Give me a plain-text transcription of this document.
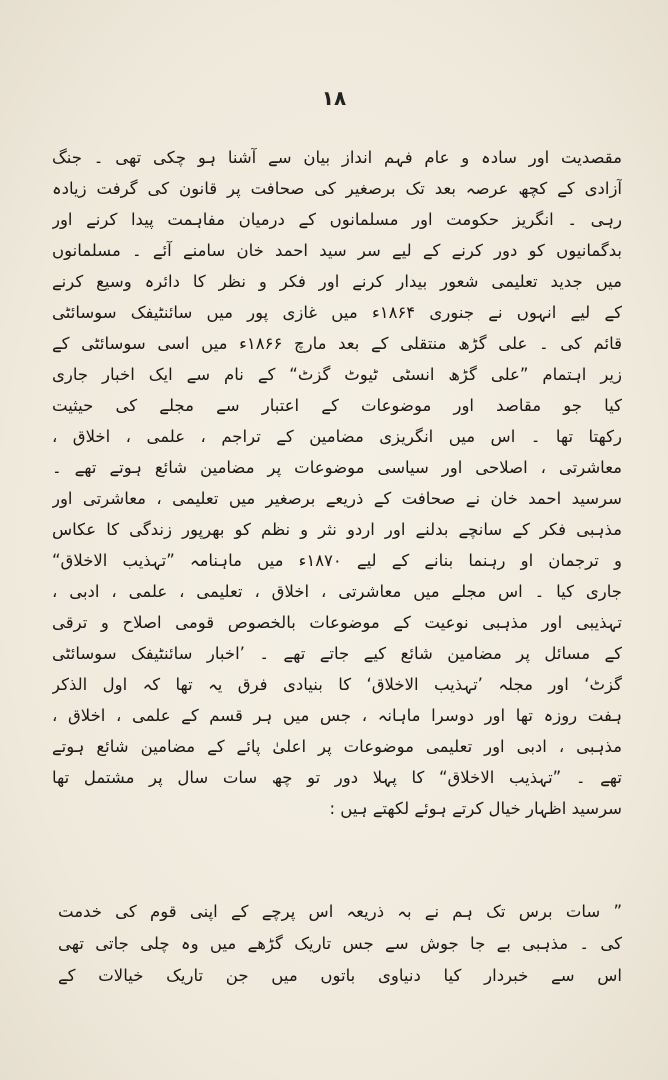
۱۸
مقصدیت اور سادہ و عام فہم انداز بیان سے آشنا ہو چکی تھی ۔ جنگ
آزادی کے کچھ عرصہ بعد تک برصغیر کی صحافت پر قانون کی گرفت زیادہ
رہی ۔ انگریز حکومت اور مسلمانوں کے درمیان مفاہمت پیدا کرنے اور
بدگمانیوں کو دور کرنے کے لیے سر سید احمد خان سامنے آئے ۔ مسلمانوں
میں جدید تعلیمی شعور بیدار کرنے اور فکر و نظر کا دائرہ وسیع کرنے
کے لیے انہوں نے جنوری ۱۸۶۴ء میں غازی پور میں سائنٹیفک سوسائٹی
قائم کی ۔ علی گڑھ منتقلی کے بعد مارچ ۱۸۶۶ء میں اسی سوسائٹی کے
زیر اہتمام ”علی گڑھ انسٹی ٹیوٹ گزٹ“ کے نام سے ایک اخبار جاری
کیا جو مقاصد اور موضوعات کے اعتبار سے مجلے کی حیثیت
رکھتا تھا ۔ اس میں انگریزی مضامین کے تراجم ، علمی ، اخلاق ،
معاشرتی ، اصلاحی اور سیاسی موضوعات پر مضامین شائع ہوتے تھے ۔
سرسید احمد خان نے صحافت کے ذریعے برصغیر میں تعلیمی ، معاشرتی اور
مذہبی فکر کے سانچے بدلنے اور اردو نثر و نظم کو بھرپور زندگی کا عکاس
و ترجمان او رہنما بنانے کے لیے ۱۸۷۰ء میں ماہنامہ ”تہذیب الاخلاق“
جاری کیا ۔ اس مجلے میں معاشرتی ، اخلاق ، تعلیمی ، علمی ، ادبی ،
تہذیبی اور مذہبی نوعیت کے موضوعات بالخصوص قومی اصلاح و ترقی
کے مسائل پر مضامین شائع کیے جاتے تھے ۔ ’اخبار سائنٹیفک سوسائٹی
گزٹ‘ اور مجلہ ’تہذیب الاخلاق‘ کا بنیادی فرق یہ تھا کہ اول الذکر
ہفت روزہ تھا اور دوسرا ماہانہ ، جس میں ہر قسم کے علمی ، اخلاق ،
مذہبی ، ادبی اور تعلیمی موضوعات پر اعلیٰ پائے کے مضامین شائع ہوتے
تھے ۔ ”تہذیب الاخلاق“ کا پہلا دور تو چھ سات سال پر مشتمل تھا
سرسید اظہار خیال کرتے ہوئے لکھتے ہیں :
” سات برس تک ہم نے بہ ذریعہ اس پرچے کے اپنی قوم کی خدمت
کی ۔ مذہبی بے جا جوش سے جس تاریک گڑھے میں وہ چلی جاتی تھی
اس سے خبردار کیا دنیاوی باتوں میں جن تاریک خیالات کے
